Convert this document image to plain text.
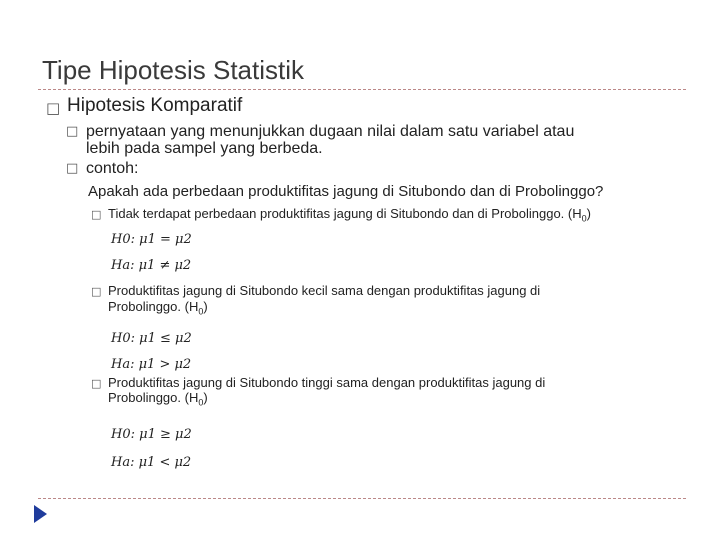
Tipe Hipotesis Statistik
□ Hipotesis Komparatif
□ pernyataan yang menunjukkan dugaan nilai dalam satu variabel atau
lebih pada sampel yang berbeda.
□ contoh:
Apakah ada perbedaan produktifitas jagung di Situbondo dan di Probolinggo?
□ Tidak terdapat perbedaan produktifitas jagung di Situbondo dan di Probolinggo. $(H_0)$
H0: μ1 = μ2
Ha: μ1 ≠ μ2
□ Produktifitas jagung di Situbondo kecil sama dengan produktifitas jagung di
Probolinggo. $(H_0)$
H0: μ1 ≤ μ2
Ha: μ1 > μ2
□ Produktifitas jagung di Situbondo tinggi sama dengan produktifitas jagung di
Probolinggo. $(H_0)$
H0: μ1 ≥ μ2
Ha: μ1 < μ2
